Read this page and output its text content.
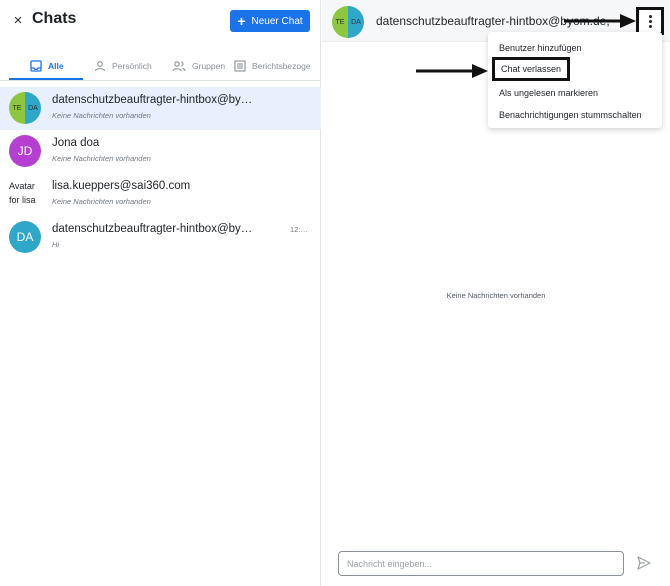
× Chats	+ Neuer Chat
Alle	Persönlich	Gruppen	Berichtsbezoge
TE DA
datenschutzbeauftragter-hintbox@by…
Keine Nachrichten vorhanden
JD
Jona doa
Keine Nachrichten vorhanden
Avatar for lisa
lisa.kueppers@sai360.com
Keine Nachrichten vorhanden
DA
datenschutzbeauftragter-hintbox@by…
Hi
12:…
TE DA datenschutzbeauftragter-hintbox@byom.de,
Benutzer hinzufügen
Chat verlassen
Als ungelesen markieren
Benachrichtigungen stummschalten
Keine Nachrichten vorhanden
Nachricht eingeben...
